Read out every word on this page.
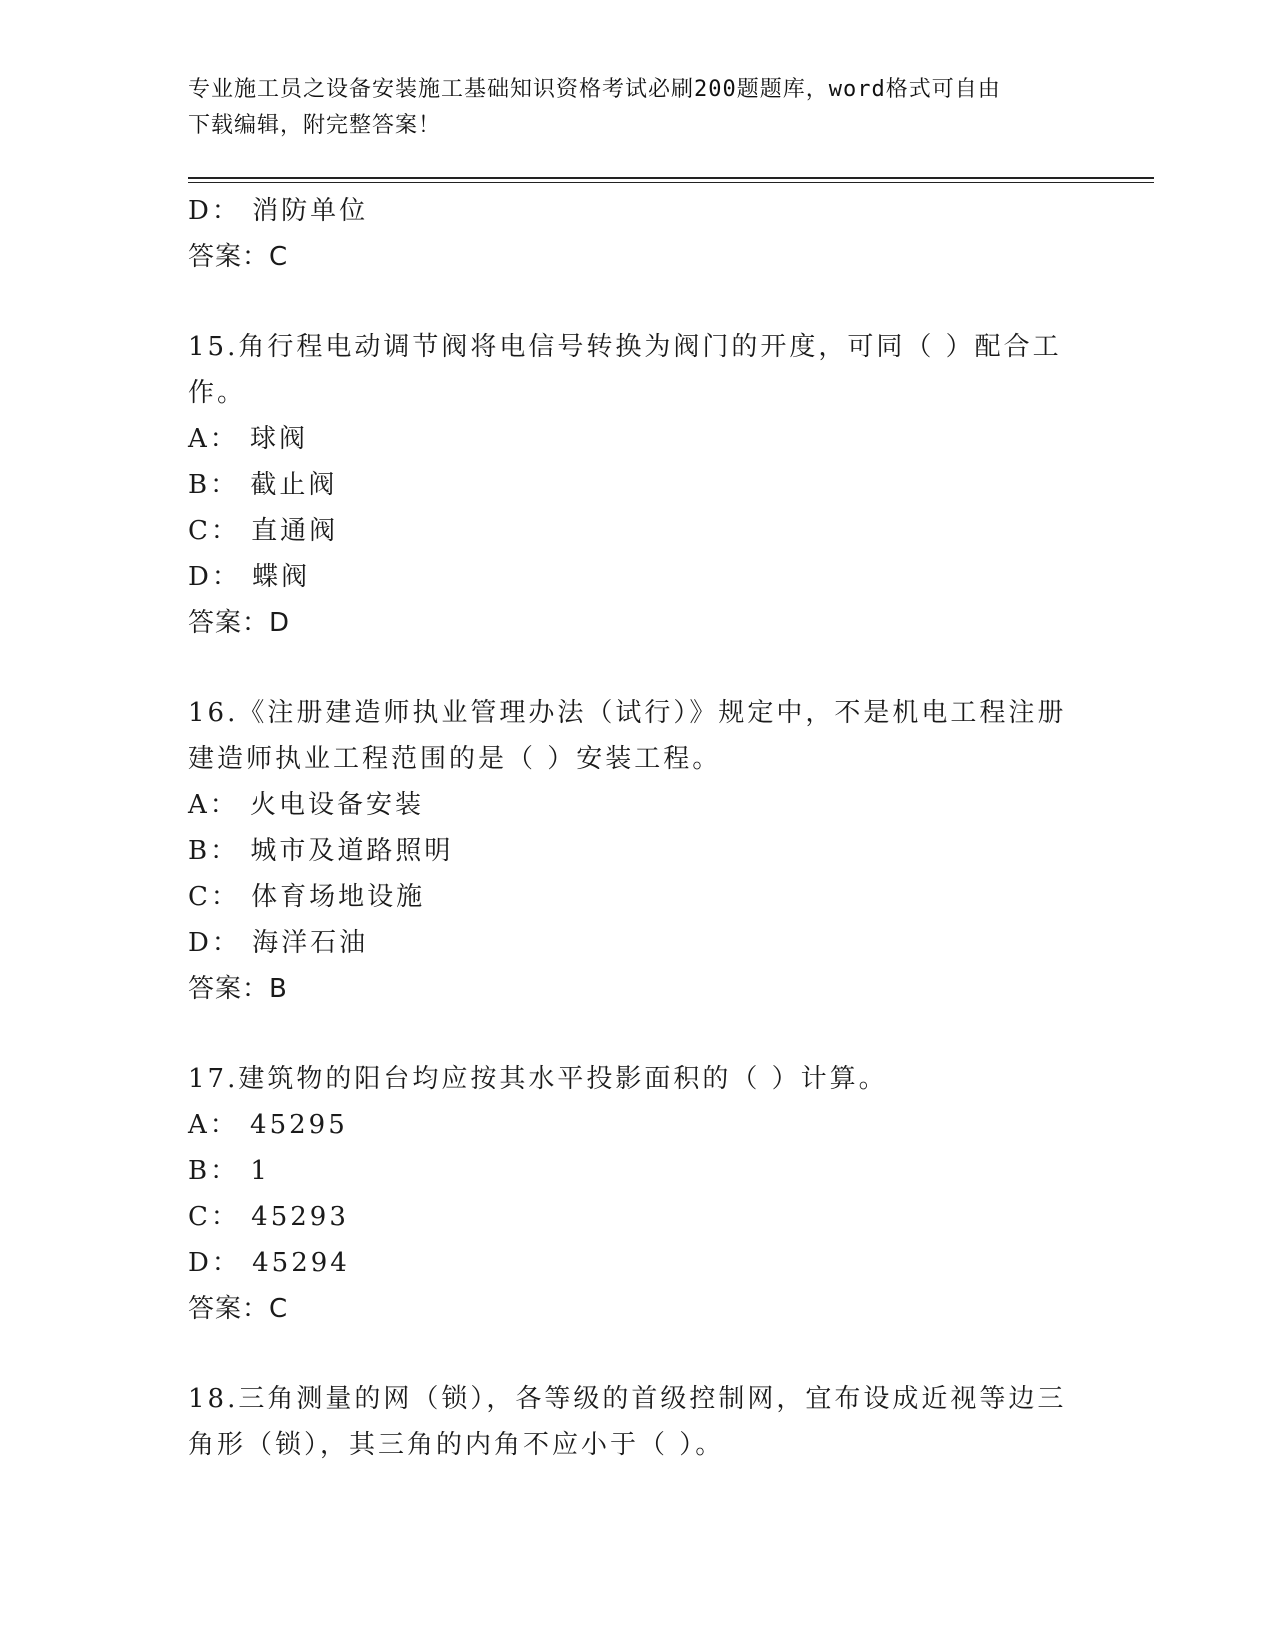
专业施工员之设备安装施工基础知识资格考试必刷200题题库，word格式可自由
下载编辑，附完整答案！
D： 消防单位
答案：C
15.角行程电动调节阀将电信号转换为阀门的开度，可同（ ）配合工
作。
A： 球阀
B： 截止阀
C： 直通阀
D： 蝶阀
答案：D
16.《注册建造师执业管理办法（试行）》规定中，不是机电工程注册
建造师执业工程范围的是（ ）安装工程。
A： 火电设备安装
B： 城市及道路照明
C： 体育场地设施
D： 海洋石油
答案：B
17.建筑物的阳台均应按其水平投影面积的（ ）计算。
A： 45295
B： 1
C： 45293
D： 45294
答案：C
18.三角测量的网（锁），各等级的首级控制网，宜布设成近视等边三
角形（锁），其三角的内角不应小于（ ）。
